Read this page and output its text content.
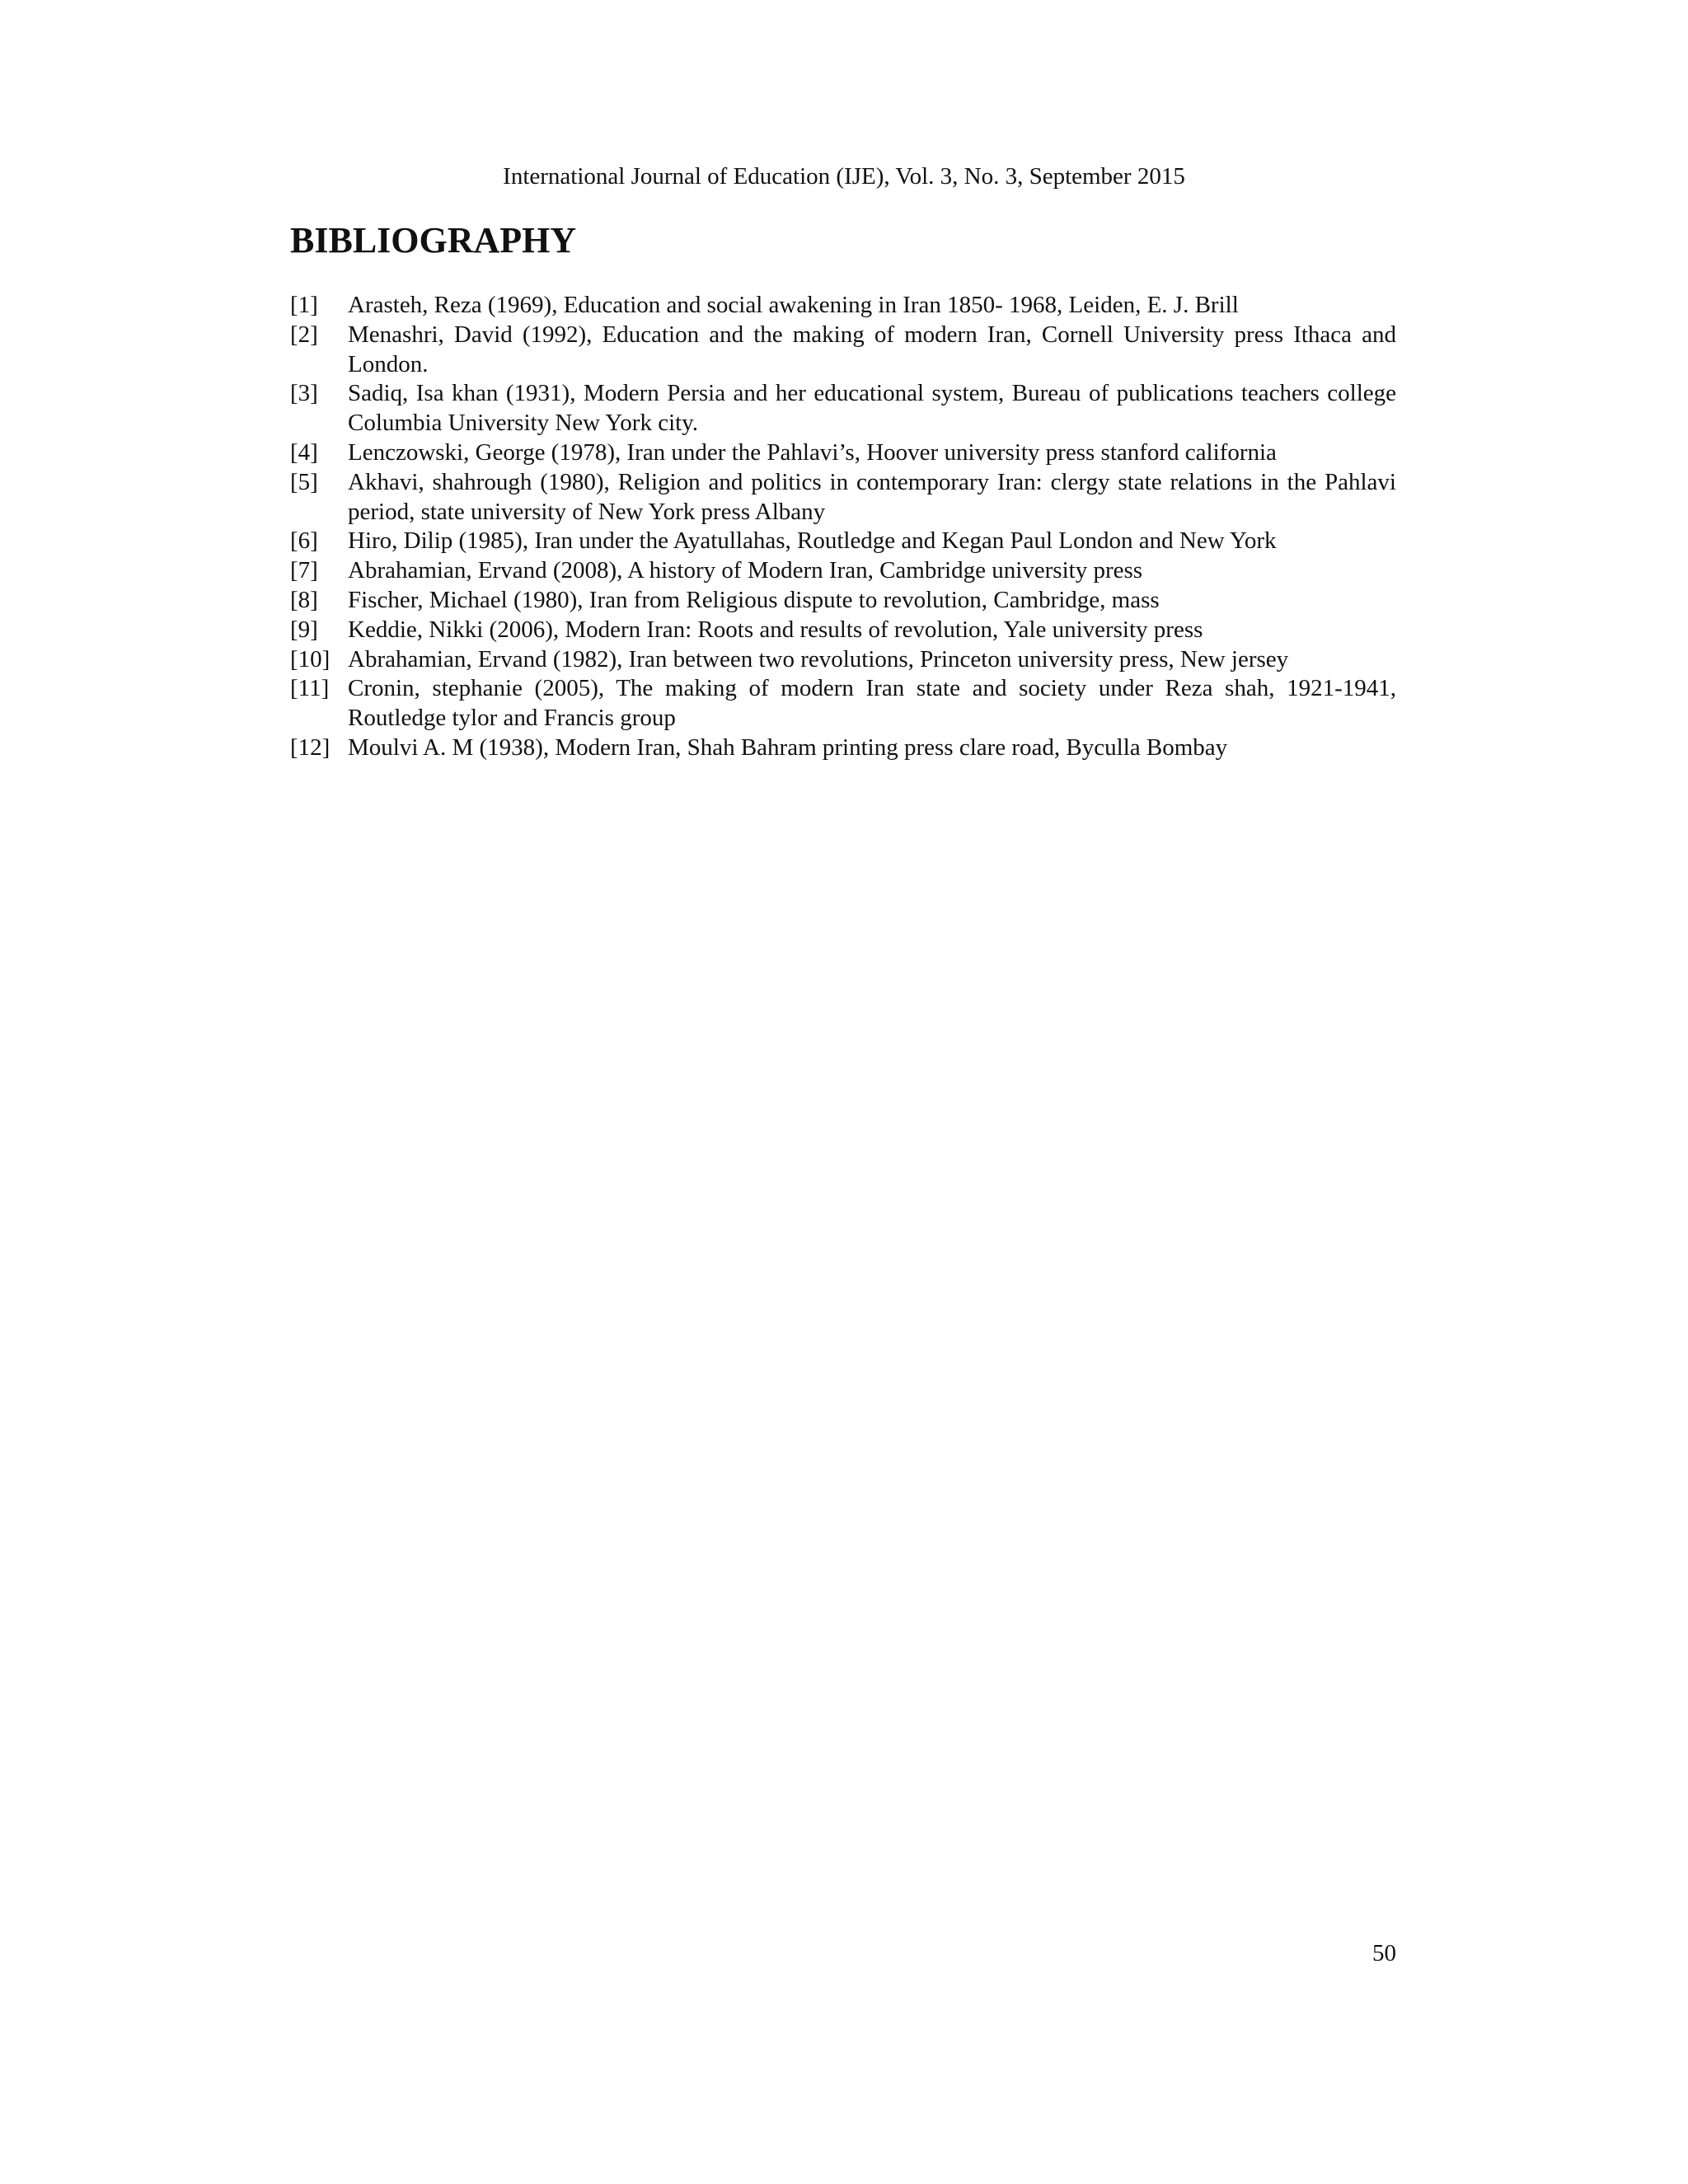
International Journal of Education (IJE), Vol. 3, No. 3, September 2015
BIBLIOGRAPHY
[1]	Arasteh, Reza (1969), Education and social awakening in Iran 1850- 1968, Leiden, E. J. Brill
[2]	Menashri, David (1992), Education and the making of modern Iran, Cornell University press Ithaca and London.
[3]	Sadiq, Isa khan (1931), Modern Persia and her educational system, Bureau of publications teachers college Columbia University New York city.
[4]	Lenczowski, George (1978), Iran under the Pahlavi’s, Hoover university press stanford california
[5]	Akhavi, shahrough (1980), Religion and politics in contemporary Iran: clergy state relations in the Pahlavi period, state university of New York press Albany
[6]	Hiro, Dilip (1985), Iran under the Ayatullahas, Routledge and Kegan Paul London and New York
[7]	Abrahamian, Ervand (2008), A history of Modern Iran, Cambridge university press
[8]	Fischer, Michael (1980), Iran from Religious dispute to revolution, Cambridge, mass
[9]	Keddie, Nikki (2006), Modern Iran: Roots and results of revolution, Yale university press
[10] Abrahamian, Ervand (1982), Iran between two revolutions, Princeton university press, New jersey
[11] Cronin, stephanie (2005), The making of modern Iran state and society under Reza shah, 1921-1941, Routledge tylor and Francis group
[12] Moulvi A. M (1938), Modern Iran, Shah Bahram printing press clare road, Byculla Bombay
50
